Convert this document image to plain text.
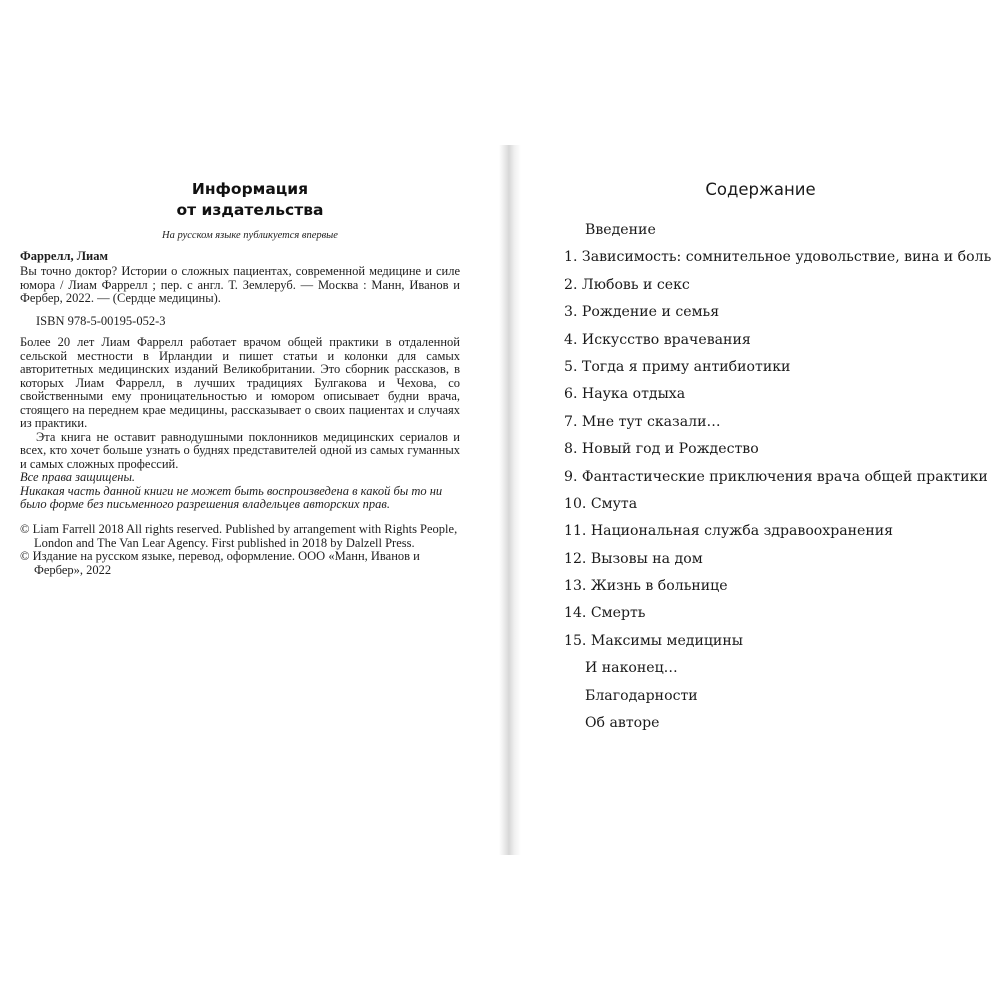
Информация
от издательства
На русском языке публикуется впервые
Фаррелл, Лиам
Вы точно доктор? Истории о сложных пациентах, современной медицине и силе юмора / Лиам Фаррелл ; пер. с англ. Т. Землеруб. — Москва : Манн, Иванов и Фербер, 2022. — (Сердце медицины).
ISBN 978-5-00195-052-3

Более 20 лет Лиам Фаррелл работает врачом общей практики в отдаленной сельской местности в Ирландии и пишет статьи и колонки для самых авторитетных медицинских изданий Великобритании. Это сборник рассказов, в которых Лиам Фаррелл, в лучших традициях Булгакова и Чехова, со свойственными ему проницательностью и юмором описывает будни врача, стоящего на переднем крае медицины, рассказывает о своих пациентах и случаях из практики.

Эта книга не оставит равнодушными поклонников медицинских сериалов и всех, кто хочет больше узнать о буднях представителей одной из самых гуманных и самых сложных профессий.

Все права защищены.
Никакая часть данной книги не может быть воспроизведена в какой бы то ни было форме без письменного разрешения владельцев авторских прав.
© Liam Farrell 2018 All rights reserved. Published by arrangement with Rights People, London and The Van Lear Agency. First published in 2018 by Dalzell Press.
© Издание на русском языке, перевод, оформление. ООО «Манн, Иванов и Фербер», 2022
Содержание
Введение
1. Зависимость: сомнительное удовольствие, вина и боль
2. Любовь и секс
3. Рождение и семья
4. Искусство врачевания
5. Тогда я приму антибиотики
6. Наука отдыха
7. Мне тут сказали…
8. Новый год и Рождество
9. Фантастические приключения врача общей практики
10. Смута
11. Национальная служба здравоохранения
12. Вызовы на дом
13. Жизнь в больнице
14. Смерть
15. Максимы медицины
И наконец…
Благодарности
Об авторе
